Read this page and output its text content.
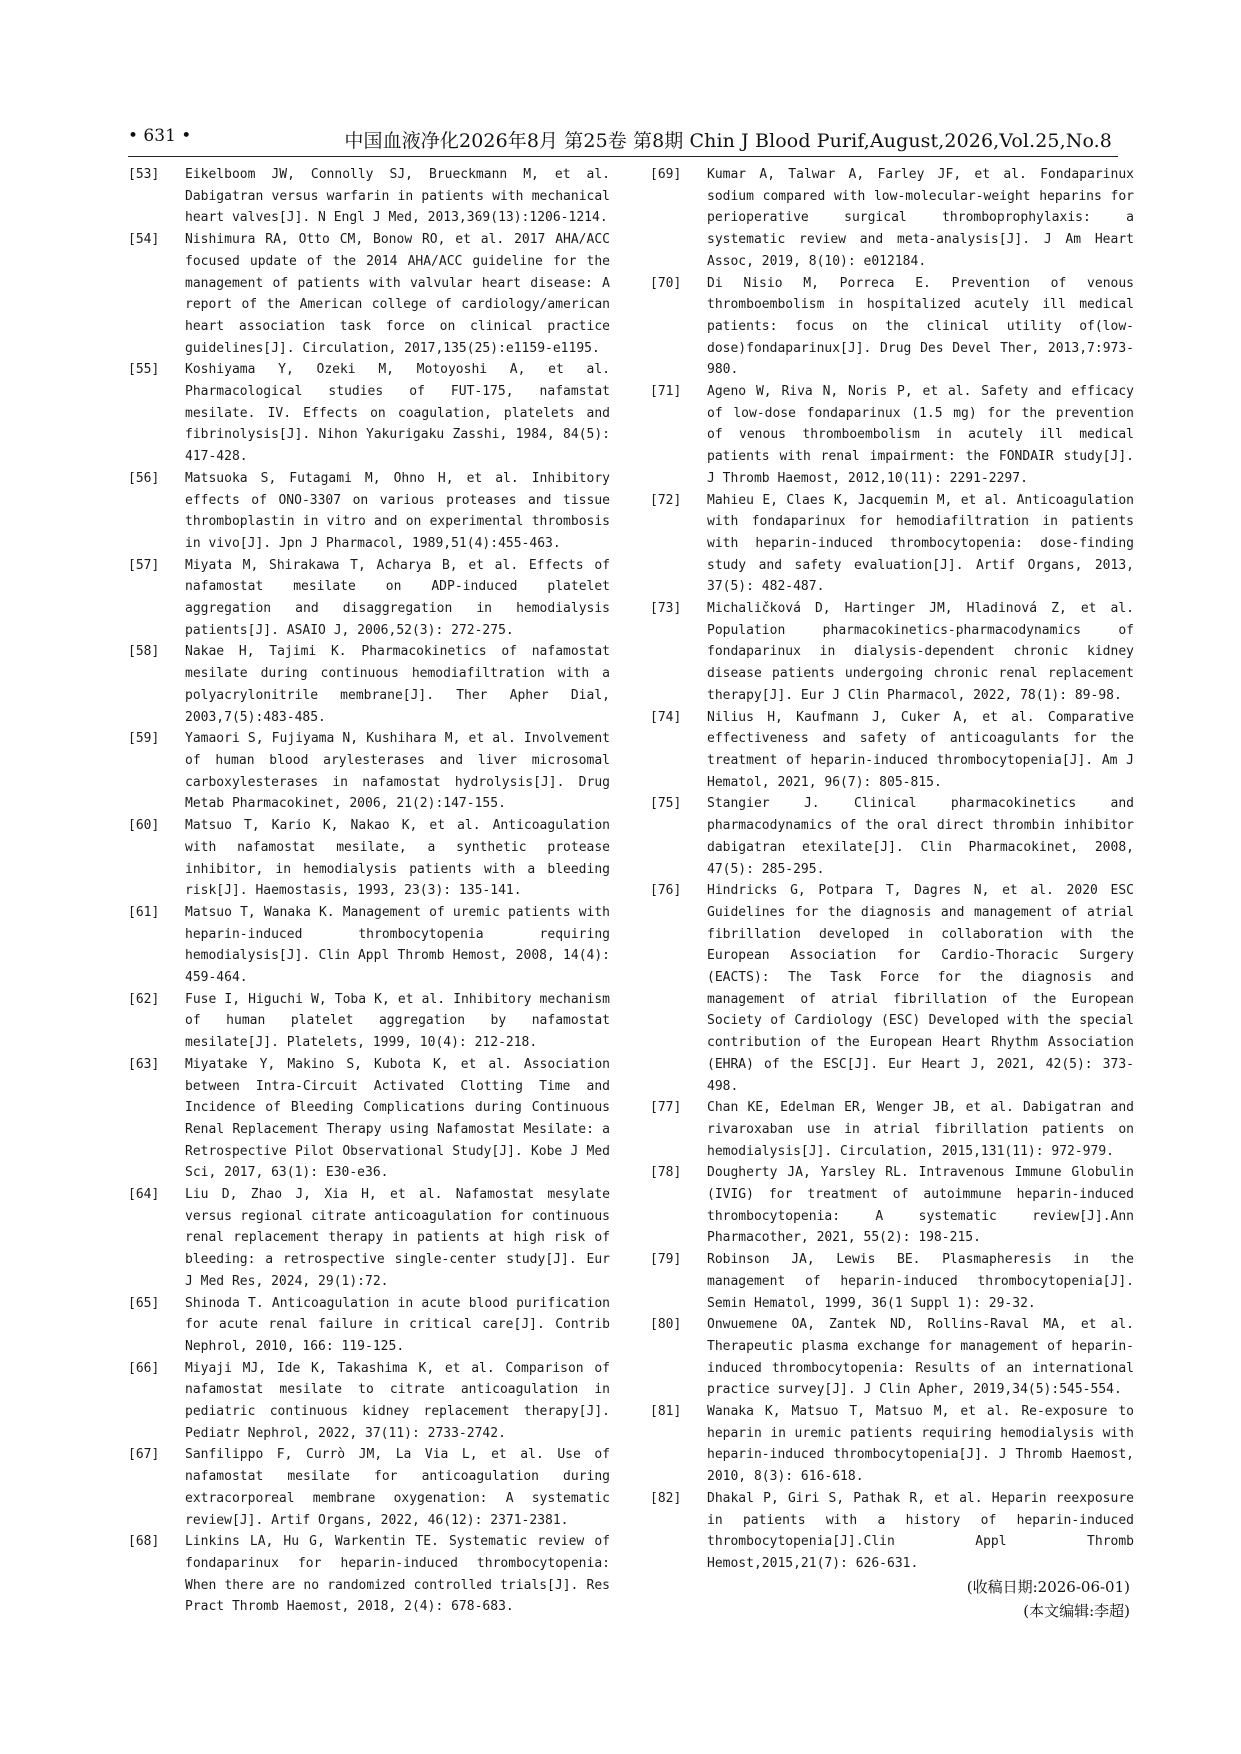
• 631 •	中国血液净化2026年8月 第25卷 第8期 Chin J Blood Purif,August,2026,Vol.25,No.8
[53] Eikelboom JW, Connolly SJ, Brueckmann M, et al. Dabigatran versus warfarin in patients with mechanical heart valves[J]. N Engl J Med, 2013,369(13):1206-1214.
[54] Nishimura RA, Otto CM, Bonow RO, et al. 2017 AHA/ACC focused update of the 2014 AHA/ACC guideline for the management of patients with valvular heart disease: A report of the American college of cardiology/american heart association task force on clinical practice guidelines[J]. Circulation, 2017,135(25):e1159-e1195.
[55] Koshiyama Y, Ozeki M, Motoyoshi A, et al. Pharmacological studies of FUT-175, nafamstat mesilate. IV. Effects on coagulation, platelets and fibrinolysis[J]. Nihon Yakurigaku Zasshi, 1984, 84(5): 417-428.
[56] Matsuoka S, Futagami M, Ohno H, et al. Inhibitory effects of ONO-3307 on various proteases and tissue thromboplastin in vitro and on experimental thrombosis in vivo[J]. Jpn J Pharmacol, 1989,51(4):455-463.
[57] Miyata M, Shirakawa T, Acharya B, et al. Effects of nafamostat mesilate on ADP-induced platelet aggregation and disaggregation in hemodialysis patients[J]. ASAIO J, 2006,52(3): 272-275.
[58] Nakae H, Tajimi K. Pharmacokinetics of nafamostat mesilate during continuous hemodiafiltration with a polyacrylonitrile membrane[J]. Ther Apher Dial, 2003,7(5):483-485.
[59] Yamaori S, Fujiyama N, Kushihara M, et al. Involvement of human blood arylesterases and liver microsomal carboxylesterases in nafamostat hydrolysis[J]. Drug Metab Pharmacokinet, 2006, 21(2):147-155.
[60] Matsuo T, Kario K, Nakao K, et al. Anticoagulation with nafamostat mesilate, a synthetic protease inhibitor, in hemodialysis patients with a bleeding risk[J]. Haemostasis, 1993, 23(3): 135-141.
[61] Matsuo T, Wanaka K. Management of uremic patients with heparin-induced thrombocytopenia requiring hemodialysis[J]. Clin Appl Thromb Hemost, 2008, 14(4): 459-464.
[62] Fuse I, Higuchi W, Toba K, et al. Inhibitory mechanism of human platelet aggregation by nafamostat mesilate[J]. Platelets, 1999, 10(4): 212-218.
[63] Miyatake Y, Makino S, Kubota K, et al. Association between Intra-Circuit Activated Clotting Time and Incidence of Bleeding Complications during Continuous Renal Replacement Therapy using Nafamostat Mesilate: a Retrospective Pilot Observational Study[J]. Kobe J Med Sci, 2017, 63(1): E30-e36.
[64] Liu D, Zhao J, Xia H, et al. Nafamostat mesylate versus regional citrate anticoagulation for continuous renal replacement therapy in patients at high risk of bleeding: a retrospective single-center study[J]. Eur J Med Res, 2024, 29(1):72.
[65] Shinoda T. Anticoagulation in acute blood purification for acute renal failure in critical care[J]. Contrib Nephrol, 2010, 166: 119-125.
[66] Miyaji MJ, Ide K, Takashima K, et al. Comparison of nafamostat mesilate to citrate anticoagulation in pediatric continuous kidney replacement therapy[J]. Pediatr Nephrol, 2022, 37(11): 2733-2742.
[67] Sanfilippo F, Currò JM, La Via L, et al. Use of nafamostat mesilate for anticoagulation during extracorporeal membrane oxygenation: A systematic review[J]. Artif Organs, 2022, 46(12): 2371-2381.
[68] Linkins LA, Hu G, Warkentin TE. Systematic review of fondaparinux for heparin-induced thrombocytopenia: When there are no randomized controlled trials[J]. Res Pract Thromb Haemost, 2018, 2(4): 678-683.
[69] Kumar A, Talwar A, Farley JF, et al. Fondaparinux sodium compared with low-molecular-weight heparins for perioperative surgical thromboprophylaxis: a systematic review and meta-analysis[J]. J Am Heart Assoc, 2019, 8(10): e012184.
[70] Di Nisio M, Porreca E. Prevention of venous thromboembolism in hospitalized acutely ill medical patients: focus on the clinical utility of(low-dose)fondaparinux[J]. Drug Des Devel Ther, 2013,7:973-980.
[71] Ageno W, Riva N, Noris P, et al. Safety and efficacy of low-dose fondaparinux (1.5 mg) for the prevention of venous thromboembolism in acutely ill medical patients with renal impairment: the FONDAIR study[J]. J Thromb Haemost, 2012,10(11): 2291-2297.
[72] Mahieu E, Claes K, Jacquemin M, et al. Anticoagulation with fondaparinux for hemodiafiltration in patients with heparin-induced thrombocytopenia: dose-finding study and safety evaluation[J]. Artif Organs, 2013, 37(5): 482-487.
[73] Michaličková D, Hartinger JM, Hladinová Z, et al. Population pharmacokinetics-pharmacodynamics of fondaparinux in dialysis-dependent chronic kidney disease patients undergoing chronic renal replacement therapy[J]. Eur J Clin Pharmacol, 2022, 78(1): 89-98.
[74] Nilius H, Kaufmann J, Cuker A, et al. Comparative effectiveness and safety of anticoagulants for the treatment of heparin-induced thrombocytopenia[J]. Am J Hematol, 2021, 96(7): 805-815.
[75] Stangier J. Clinical pharmacokinetics and pharmacodynamics of the oral direct thrombin inhibitor dabigatran etexilate[J]. Clin Pharmacokinet, 2008, 47(5): 285-295.
[76] Hindricks G, Potpara T, Dagres N, et al. 2020 ESC Guidelines for the diagnosis and management of atrial fibrillation developed in collaboration with the European Association for Cardio-Thoracic Surgery (EACTS): The Task Force for the diagnosis and management of atrial fibrillation of the European Society of Cardiology (ESC) Developed with the special contribution of the European Heart Rhythm Association (EHRA) of the ESC[J]. Eur Heart J, 2021, 42(5): 373-498.
[77] Chan KE, Edelman ER, Wenger JB, et al. Dabigatran and rivaroxaban use in atrial fibrillation patients on hemodialysis[J]. Circulation, 2015,131(11): 972-979.
[78] Dougherty JA, Yarsley RL. Intravenous Immune Globulin (IVIG) for treatment of autoimmune heparin-induced thrombocytopenia: A systematic review[J].Ann Pharmacother, 2021, 55(2): 198-215.
[79] Robinson JA, Lewis BE. Plasmapheresis in the management of heparin-induced thrombocytopenia[J]. Semin Hematol, 1999, 36(1 Suppl 1): 29-32.
[80] Onwuemene OA, Zantek ND, Rollins-Raval MA, et al. Therapeutic plasma exchange for management of heparin-induced thrombocytopenia: Results of an international practice survey[J]. J Clin Apher, 2019,34(5):545-554.
[81] Wanaka K, Matsuo T, Matsuo M, et al. Re-exposure to heparin in uremic patients requiring hemodialysis with heparin-induced thrombocytopenia[J]. J Thromb Haemost, 2010, 8(3): 616-618.
[82] Dhakal P, Giri S, Pathak R, et al. Heparin reexposure in patients with a history of heparin-induced thrombocytopenia[J].Clin Appl Thromb Hemost,2015,21(7): 626-631.
(收稿日期:2026-06-01)
(本文编辑:李超)
